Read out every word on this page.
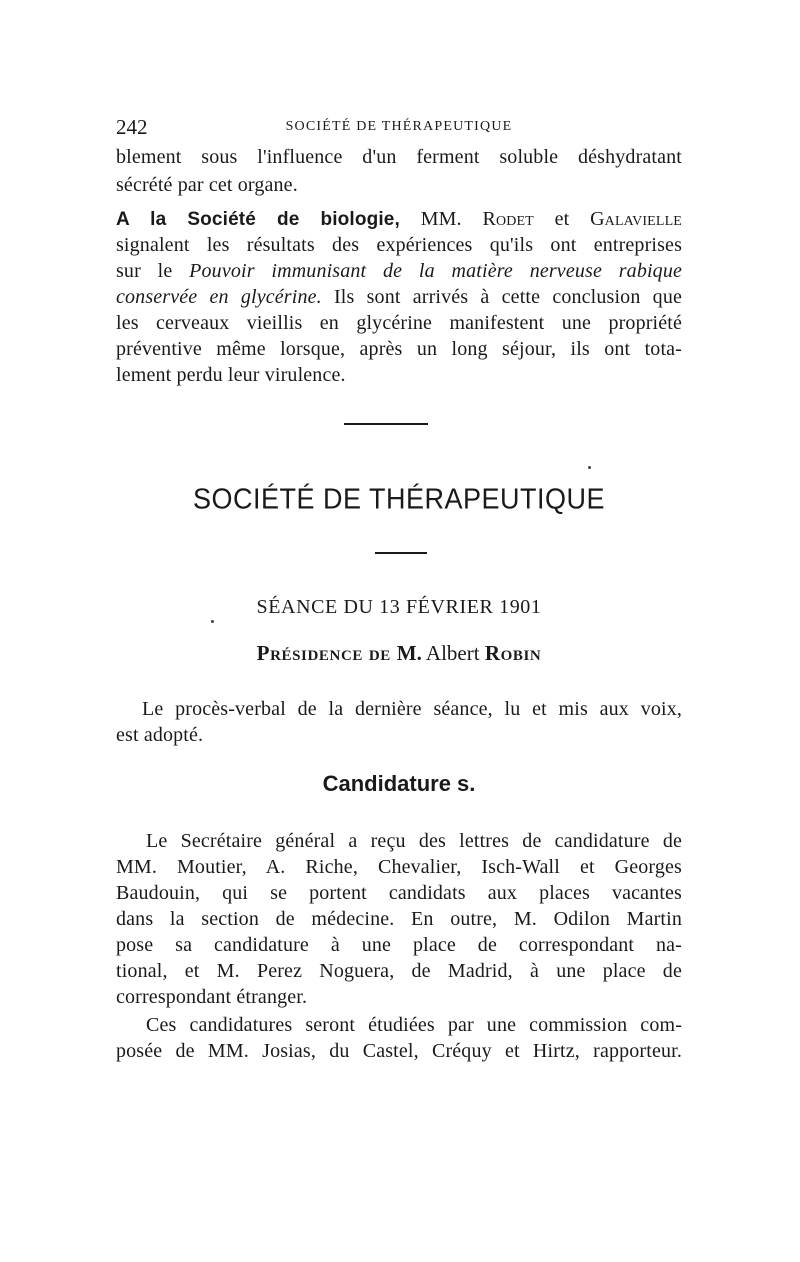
242	SOCIÉTÉ DE THÉRAPEUTIQUE
blement sous l'influence d'un ferment soluble déshydratant
sécrété par cet organe.
A la Société de biologie, MM. Rodet et Galavielle
signalent les résultats des expériences qu'ils ont entreprises
sur le Pouvoir immunisant de la matière nerveuse rabique
conservée en glycérine. Ils sont arrivés à cette conclusion que
les cerveaux vieillis en glycérine manifestent une propriété
préventive même lorsque, après un long séjour, ils ont tota-
lement perdu leur virulence.
SOCIÉTÉ DE THÉRAPEUTIQUE
SÉANCE DU 13 FÉVRIER 1901
Présidence de M. Albert Robin
Le procès-verbal de la dernière séance, lu et mis aux voix,
est adopté.
Candidature s.
Le Secrétaire général a reçu des lettres de candidature de
MM. Moutier, A. Riche, Chevalier, Isch-Wall et Georges
Baudouin, qui se portent candidats aux places vacantes
dans la section de médecine. En outre, M. Odilon Martin
pose sa candidature à une place de correspondant na-
tional, et M. Perez Noguera, de Madrid, à une place de
correspondant étranger.
Ces candidatures seront étudiées par une commission com-
posée de MM. Josias, du Castel, Créquy et Hirtz, rapporteur.
